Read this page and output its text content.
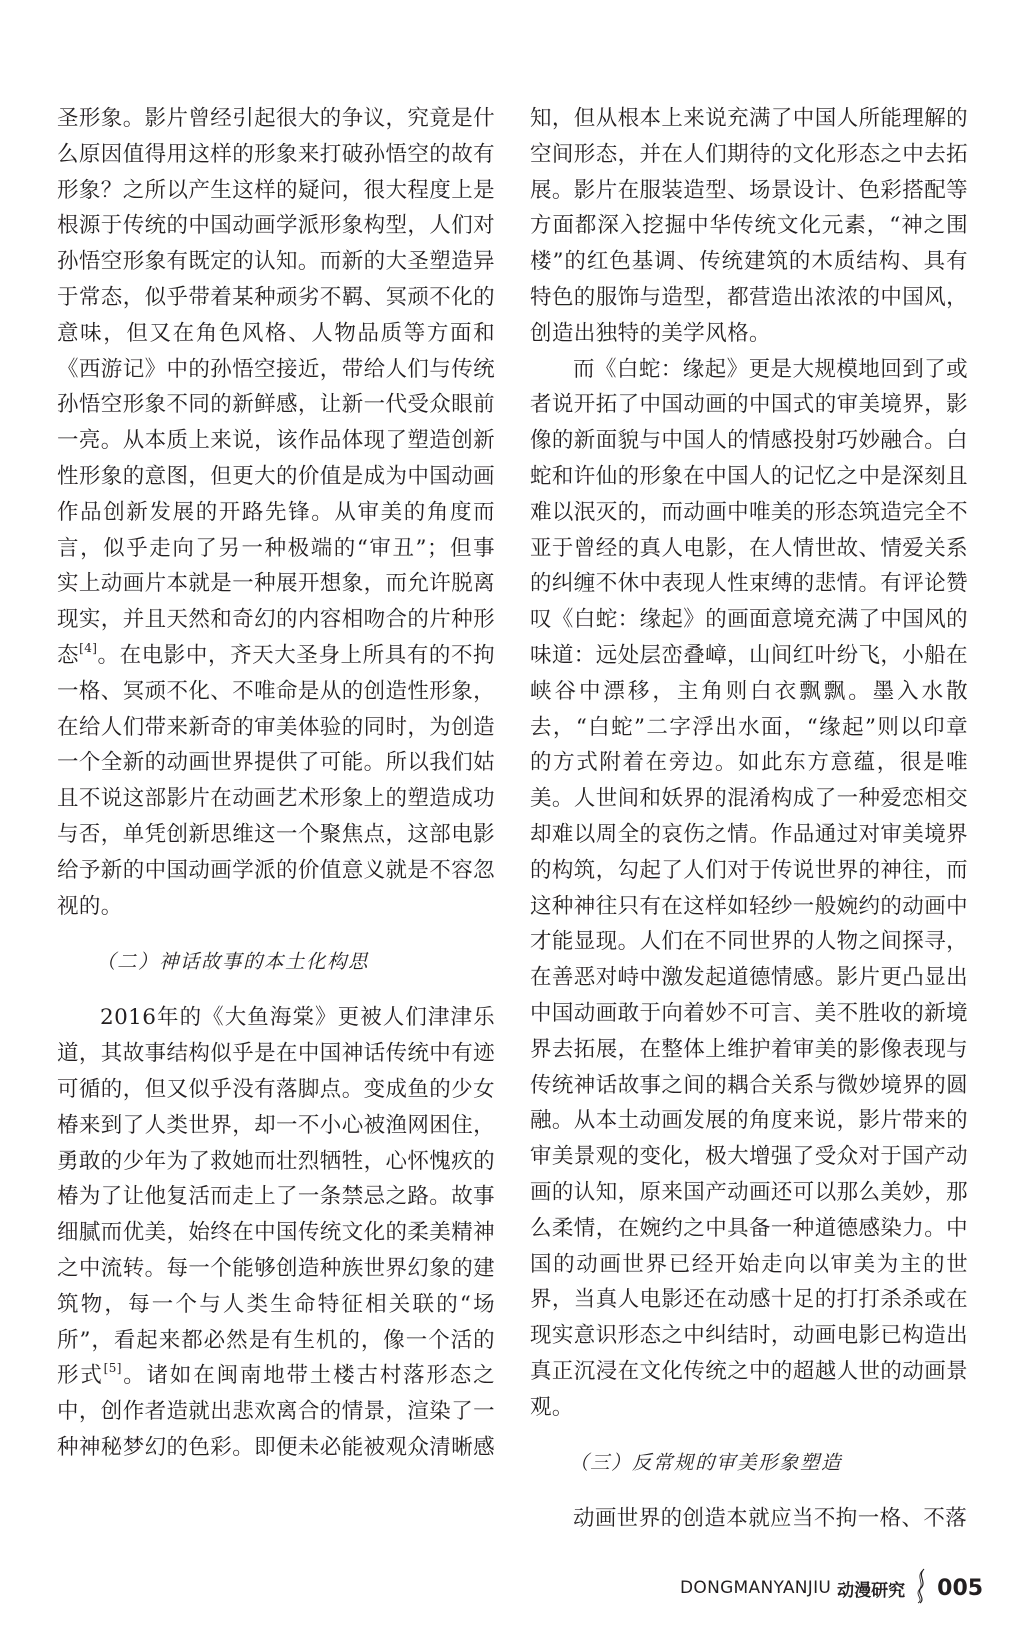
圣形象。影片曾经引起很大的争议，究竟是什么原因值得用这样的形象来打破孙悟空的故有形象？之所以产生这样的疑问，很大程度上是根源于传统的中国动画学派形象构型，人们对孙悟空形象有既定的认知。而新的大圣塑造异于常态，似乎带着某种顽劣不羁、冥顽不化的意味，但又在角色风格、人物品质等方面和《西游记》中的孙悟空接近，带给人们与传统孙悟空形象不同的新鲜感，让新一代受众眼前一亮。从本质上来说，该作品体现了塑造创新性形象的意图，但更大的价值是成为中国动画作品创新发展的开路先锋。从审美的角度而言，似乎走向了另一种极端的“审丑”；但事实上动画片本就是一种展开想象，而允许脱离现实，并且天然和奇幻的内容相吻合的片种形态[4]。在电影中，齐天大圣身上所具有的不拘一格、冥顽不化、不唯命是从的创造性形象，在给人们带来新奇的审美体验的同时，为创造一个全新的动画世界提供了可能。所以我们姑且不说这部影片在动画艺术形象上的塑造成功与否，单凭创新思维这一个聚焦点，这部电影给予新的中国动画学派的价值意义就是不容忽视的。

（二）神话故事的本土化构思

2016年的《大鱼海棠》更被人们津津乐道，其故事结构似乎是在中国神话传统中有迹可循的，但又似乎没有落脚点。变成鱼的少女椿来到了人类世界，却一不小心被渔网困住，勇敢的少年为了救她而壮烈牺牲，心怀愧疚的椿为了让他复活而走上了一条禁忌之路。故事细腻而优美，始终在中国传统文化的柔美精神之中流转。每一个能够创造种族世界幻象的建筑物，每一个与人类生命特征相关联的“场所”，看起来都必然是有生机的，像一个活的形式[5]。诸如在闽南地带土楼古村落形态之中，创作者造就出悲欢离合的情景，渲染了一种神秘梦幻的色彩。即便未必能被观众清晰感

知，但从根本上来说充满了中国人所能理解的空间形态，并在人们期待的文化形态之中去拓展。影片在服装造型、场景设计、色彩搭配等方面都深入挖掘中华传统文化元素，“神之围楼”的红色基调、传统建筑的木质结构、具有特色的服饰与造型，都营造出浓浓的中国风，创造出独特的美学风格。

而《白蛇：缘起》更是大规模地回到了或者说开拓了中国动画的中国式的审美境界，影像的新面貌与中国人的情感投射巧妙融合。白蛇和许仙的形象在中国人的记忆之中是深刻且难以泯灭的，而动画中唯美的形态筑造完全不亚于曾经的真人电影，在人情世故、情爱关系的纠缠不休中表现人性束缚的悲情。有评论赞叹《白蛇：缘起》的画面意境充满了中国风的味道：远处层峦叠嶂，山间红叶纷飞，小船在峡谷中漂移，主角则白衣飘飘。墨入水散去，“白蛇”二字浮出水面，“缘起”则以印章的方式附着在旁边。如此东方意蕴，很是唯美。人世间和妖界的混淆构成了一种爱恋相交却难以周全的哀伤之情。作品通过对审美境界的构筑，勾起了人们对于传说世界的神往，而这种神往只有在这样如轻纱一般婉约的动画中才能显现。人们在不同世界的人物之间探寻，在善恶对峙中激发起道德情感。影片更凸显出中国动画敢于向着妙不可言、美不胜收的新境界去拓展，在整体上维护着审美的影像表现与传统神话故事之间的耦合关系与微妙境界的圆融。从本土动画发展的角度来说，影片带来的审美景观的变化，极大增强了受众对于国产动画的认知，原来国产动画还可以那么美妙，那么柔情，在婉约之中具备一种道德感染力。中国的动画世界已经开始走向以审美为主的世界，当真人电影还在动感十足的打打杀杀或在现实意识形态之中纠结时，动画电影已构造出真正沉浸在文化传统之中的超越人世的动画景观。

（三）反常规的审美形象塑造

动画世界的创造本就应当不拘一格、不落

DONGMANYANJIU 动漫研究 005
